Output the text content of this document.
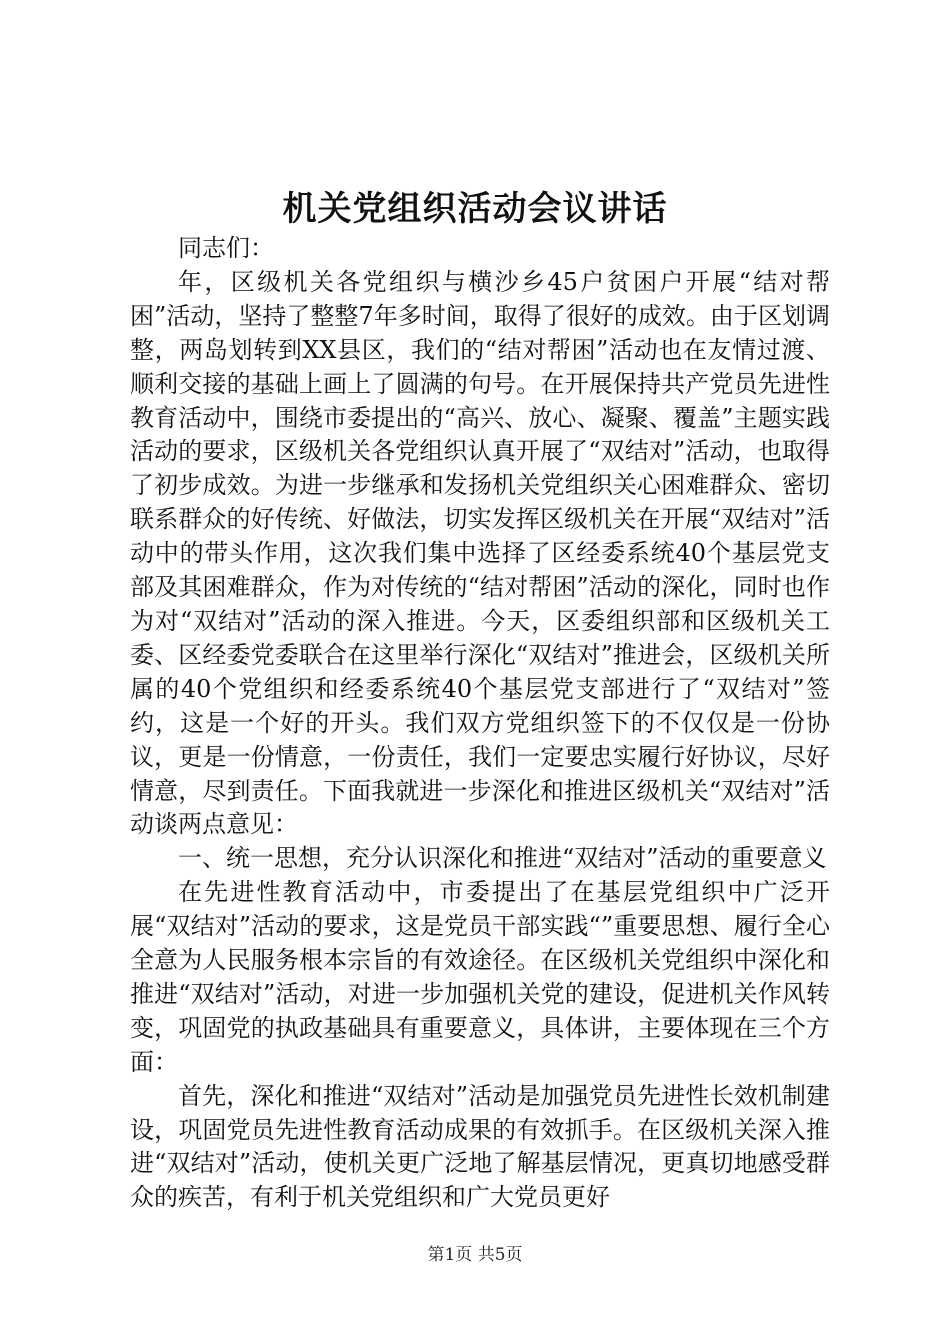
机关党组织活动会议讲话

同志们：

年，区级机关各党组织与横沙乡45户贫困户开展“结对帮困”活动，坚持了整整7年多时间，取得了很好的成效。由于区划调整，两岛划转到XX县区，我们的“结对帮困”活动也在友情过渡、顺利交接的基础上画上了圆满的句号。在开展保持共产党员先进性教育活动中，围绕市委提出的“高兴、放心、凝聚、覆盖”主题实践活动的要求，区级机关各党组织认真开展了“双结对”活动，也取得了初步成效。为进一步继承和发扬机关党组织关心困难群众、密切联系群众的好传统、好做法，切实发挥区级机关在开展“双结对”活动中的带头作用，这次我们集中选择了区经委系统40个基层党支部及其困难群众，作为对传统的“结对帮困”活动的深化，同时也作为对“双结对”活动的深入推进。今天，区委组织部和区级机关工委、区经委党委联合在这里举行深化“双结对”推进会，区级机关所属的40个党组织和经委系统40个基层党支部进行了“双结对”签约，这是一个好的开头。我们双方党组织签下的不仅仅是一份协议，更是一份情意，一份责任，我们一定要忠实履行好协议，尽好情意，尽到责任。下面我就进一步深化和推进区级机关“双结对”活动谈两点意见：

一、统一思想，充分认识深化和推进“双结对”活动的重要意义

在先进性教育活动中，市委提出了在基层党组织中广泛开展“双结对”活动的要求，这是党员干部实践“”重要思想、履行全心全意为人民服务根本宗旨的有效途径。在区级机关党组织中深化和推进“双结对”活动，对进一步加强机关党的建设，促进机关作风转变，巩固党的执政基础具有重要意义，具体讲，主要体现在三个方面：

首先，深化和推进“双结对”活动是加强党员先进性长效机制建设，巩固党员先进性教育活动成果的有效抓手。在区级机关深入推进“双结对”活动，使机关更广泛地了解基层情况，更真切地感受群众的疾苦，有利于机关党组织和广大党员更好

第1页 共5页
